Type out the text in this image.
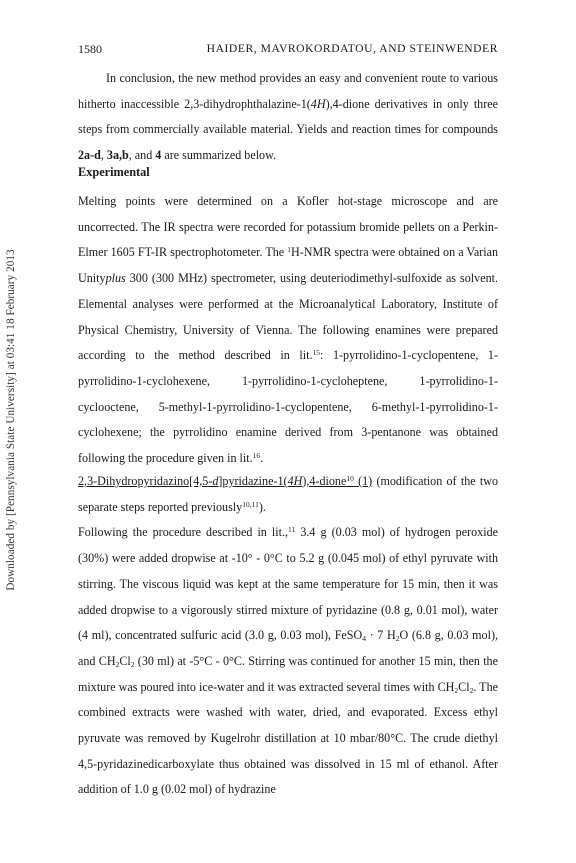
Downloaded by [Pennsylvania State University] at 03:41 18 February 2013
1580	HAIDER, MAVROKORDATOU, AND STEINWENDER
In conclusion, the new method provides an easy and convenient route to various hitherto inaccessible 2,3-dihydrophthalazine-1(4H),4-dione derivatives in only three steps from commercially available material. Yields and reaction times for compounds 2a-d, 3a,b, and 4 are summarized below.
Experimental
Melting points were determined on a Kofler hot-stage microscope and are uncorrected. The IR spectra were recorded for potassium bromide pellets on a Perkin-Elmer 1605 FT-IR spectrophotometer. The $^1$H-NMR spectra were obtained on a Varian Unityplus 300 (300 MHz) spectrometer, using deuteriodimethyl-sulfoxide as solvent. Elemental analyses were performed at the Microanalytical Laboratory, Institute of Physical Chemistry, University of Vienna. The following enamines were prepared according to the method described in lit.$^{15}$: 1-pyrrolidino-1-cyclopentene, 1-pyrrolidino-1-cyclohexene, 1-pyrrolidino-1-cycloheptene, 1-pyrrolidino-1-cyclooctene, 5-methyl-1-pyrrolidino-1-cyclopentene, 6-methyl-1-pyrrolidino-1-cyclohexene; the pyrrolidino enamine derived from 3-pentanone was obtained following the procedure given in lit.$^{16}$.
2,3-Dihydropyridazino[4,5-d]pyridazine-1(4H),4-dione$^{10}$ (1) (modification of the two separate steps reported previously$^{10,11}$).
Following the procedure described in lit.,$^{11}$ 3.4 g (0.03 mol) of hydrogen peroxide (30%) were added dropwise at -10° - 0°C to 5.2 g (0.045 mol) of ethyl pyruvate with stirring. The viscous liquid was kept at the same temperature for 15 min, then it was added dropwise to a vigorously stirred mixture of pyridazine (0.8 g, 0.01 mol), water (4 ml), concentrated sulfuric acid (3.0 g, 0.03 mol), FeSO$_4$ · 7 $H_2O$ (6.8 g, 0.03 mol), and $CH_2Cl_2$ (30 ml) at -5°C - 0°C. Stirring was continued for another 15 min, then the mixture was poured into ice-water and it was extracted several times with $CH_2Cl_2$. The combined extracts were washed with water, dried, and evaporated. Excess ethyl pyruvate was removed by Kugelrohr distillation at 10 mbar/80°C. The crude diethyl 4,5-pyridazinedicarboxylate thus obtained was dissolved in 15 ml of ethanol. After addition of 1.0 g (0.02 mol) of hydrazine
